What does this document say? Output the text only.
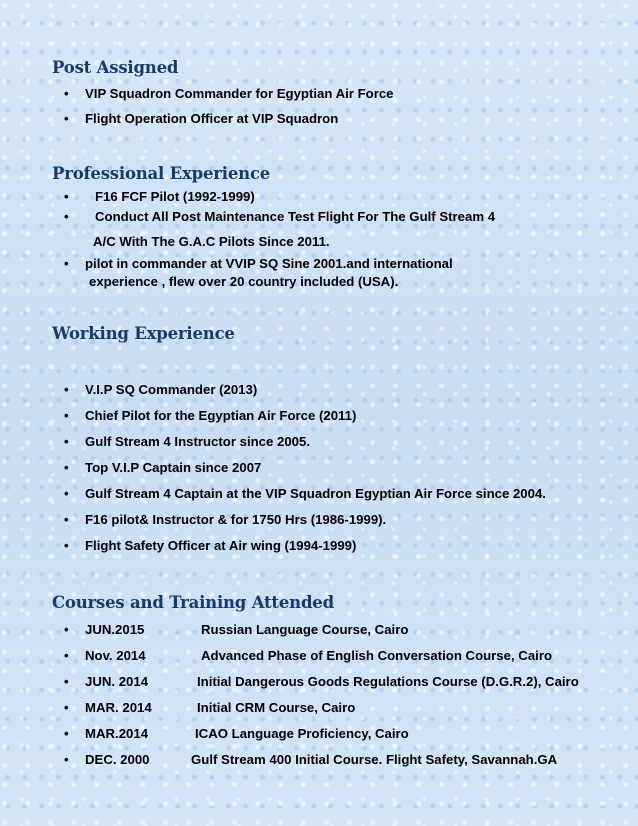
Post Assigned
•	VIP Squadron Commander for Egyptian Air Force
•	Flight Operation Officer at VIP Squadron
Professional Experience
•	F16 FCF Pilot (1992-1999)
•	Conduct All Post Maintenance Test Flight For The Gulf Stream 4
A/C With The G.A.C Pilots Since 2011.
•	pilot in commander at VVIP SQ Sine 2001.and international
experience , flew over 20 country included (USA).
Working Experience
•	V.I.P SQ Commander (2013)
•	Chief Pilot for the Egyptian Air Force (2011)
•	Gulf Stream 4 Instructor since 2005.
•	Top V.I.P Captain since 2007
•	Gulf Stream 4 Captain at the VIP Squadron Egyptian Air Force since 2004.
•	F16 pilot& Instructor & for 1750 Hrs (1986-1999).
•	Flight Safety Officer at Air wing (1994-1999)
Courses and Training Attended
•	JUN.2015	Russian Language Course, Cairo
•	Nov. 2014	Advanced Phase of English Conversation Course, Cairo
•	JUN. 2014	Initial Dangerous Goods Regulations Course (D.G.R.2), Cairo
•	MAR. 2014	Initial CRM Course, Cairo
•	MAR.2014	ICAO Language Proficiency, Cairo
•	DEC. 2000	Gulf Stream 400 Initial Course. Flight Safety, Savannah.GA
